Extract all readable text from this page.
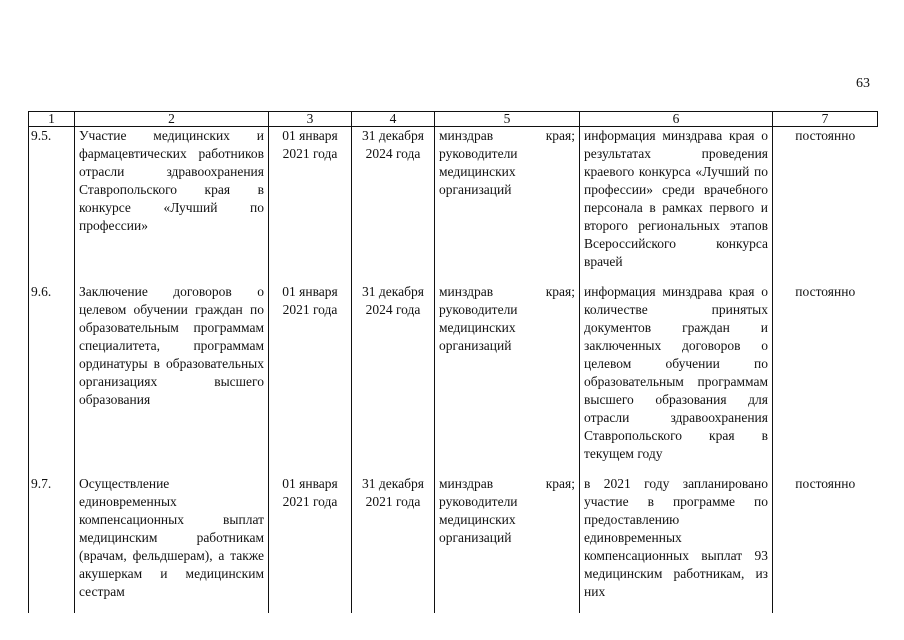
63
1	2	3	4	5	6	7
9.5.	Участие медицинских и фармацевтических работников отрасли здравоохранения Ставропольского края в конкурсе «Лучший по профессии»	01 января 2021 года	31 декабря 2024 года	минздрав края; руководители медицинских организаций	информация минздрава края о результатах проведения краевого конкурса «Лучший по профессии» среди врачебного персонала в рамках первого и второго региональных этапов Всероссийского конкурса врачей	постоянно
9.6.	Заключение договоров о целевом обучении граждан по образовательным программам специалитета, программам ординатуры в образовательных организациях высшего образования	01 января 2021 года	31 декабря 2024 года	минздрав края; руководители медицинских организаций	информация минздрава края о количестве принятых документов граждан и заключенных договоров о целевом обучении по образовательным программам высшего образования для отрасли здравоохранения Ставропольского края в текущем году	постоянно
9.7.	Осуществление единовременных компенсационных выплат медицинским работникам (врачам, фельдшерам), а также акушеркам и медицинским сестрам	01 января 2021 года	31 декабря 2021 года	минздрав края; руководители медицинских организаций	в 2021 году запланировано участие в программе по предоставлению единовременных компенсационных выплат 93 медицинским работникам, из них	постоянно
